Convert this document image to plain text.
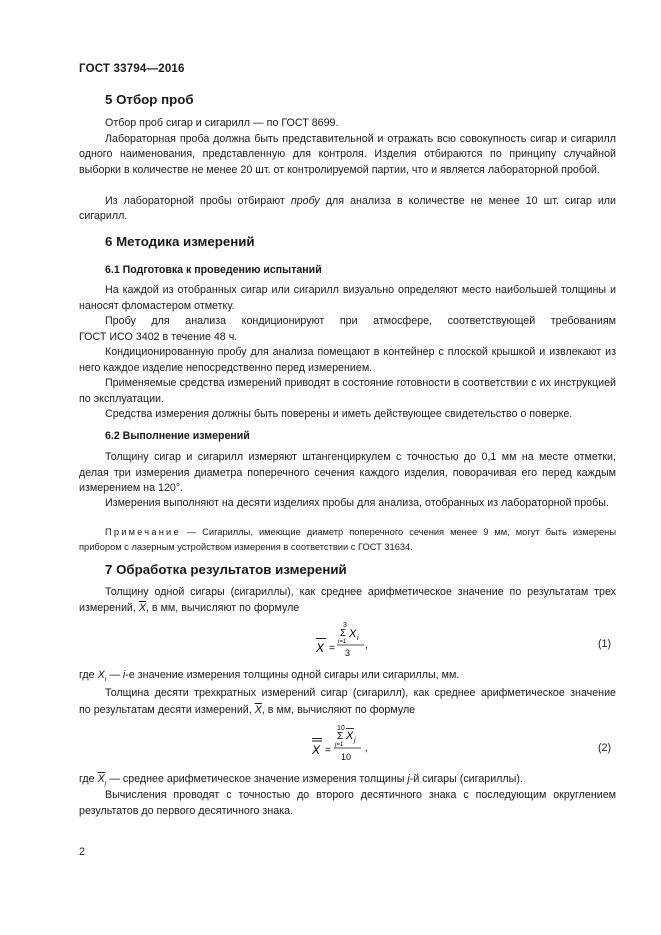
ГОСТ 33794—2016
5 Отбор проб

Отбор проб сигар и сигарилл — по ГОСТ 8699.

Лабораторная проба должна быть представительной и отражать всю совокупность сигар и сигарилл одного наименования, представленную для контроля. Изделия отбираются по принципу случайной выборки в количестве не менее 20 шт. от контролируемой партии, что и является лабораторной пробой.

Из лабораторной пробы отбирают пробу для анализа в количестве не менее 10 шт. сигар или сигарилл.

6 Методика измерений
6.1 Подготовка к проведению испытаний

На каждой из отобранных сигар или сигарилл визуально определяют место наибольшей толщины и наносят фломастером отметку.

Пробу для анализа кондиционируют при атмосфере, соответствующей требованиям

ГОСТ ИСО 3402 в течение 48 ч.

Кондиционированную пробу для анализа помещают в контейнер с плоской крышкой и извлекают из него каждое изделие непосредственно перед измерением.

Применяемые средства измерений приводят в состояние готовности в соответствии с их инструкцией по эксплуатации.

Средства измерения должны быть поверены и иметь действующее свидетельство о поверке.

6.2 Выполнение измерений

Толщину сигар и сигарилл измеряют штангенциркулем с точностью до 0,1 мм на месте отметки, делая три измерения диаметра поперечного сечения каждого изделия, поворачивая его перед каждым измерением на 120°.

Измерения выполняют на десяти изделиях пробы для анализа, отобранных из лабораторной пробы.

Примечание — Сигариллы, имеющие диаметр поперечного сечения менее 9 мм, могут быть измерены прибором с лазерным устройством измерения в соответствии с ГОСТ 31634.

7 Обработка результатов измерений

Толщину одной сигары (сигариллы), как среднее арифметическое значение по результатам трех

измерений, $\overline{X}$, в мм, вычисляют по формуле

X =
3
Σ
i=1
X i
3
,	(1)

где $X_i$ — i-е значение измерения толщины одной сигары или сигариллы, мм.

Толщина десяти трехкратных измерений сигар (сигарилл), как среднее арифметическое значение

по результатам десяти измерений, $\overline{X}$, в мм, вычисляют по формуле

X =
10
Σ
j=1
X j
10
,	(2)

где $\overline{X}_j$ — среднее арифметическое значение измерения толщины j-й сигары (сигариллы).

Вычисления проводят с точностью до второго десятичного знака с последующим округлением результатов до первого десятичного знака.

2
